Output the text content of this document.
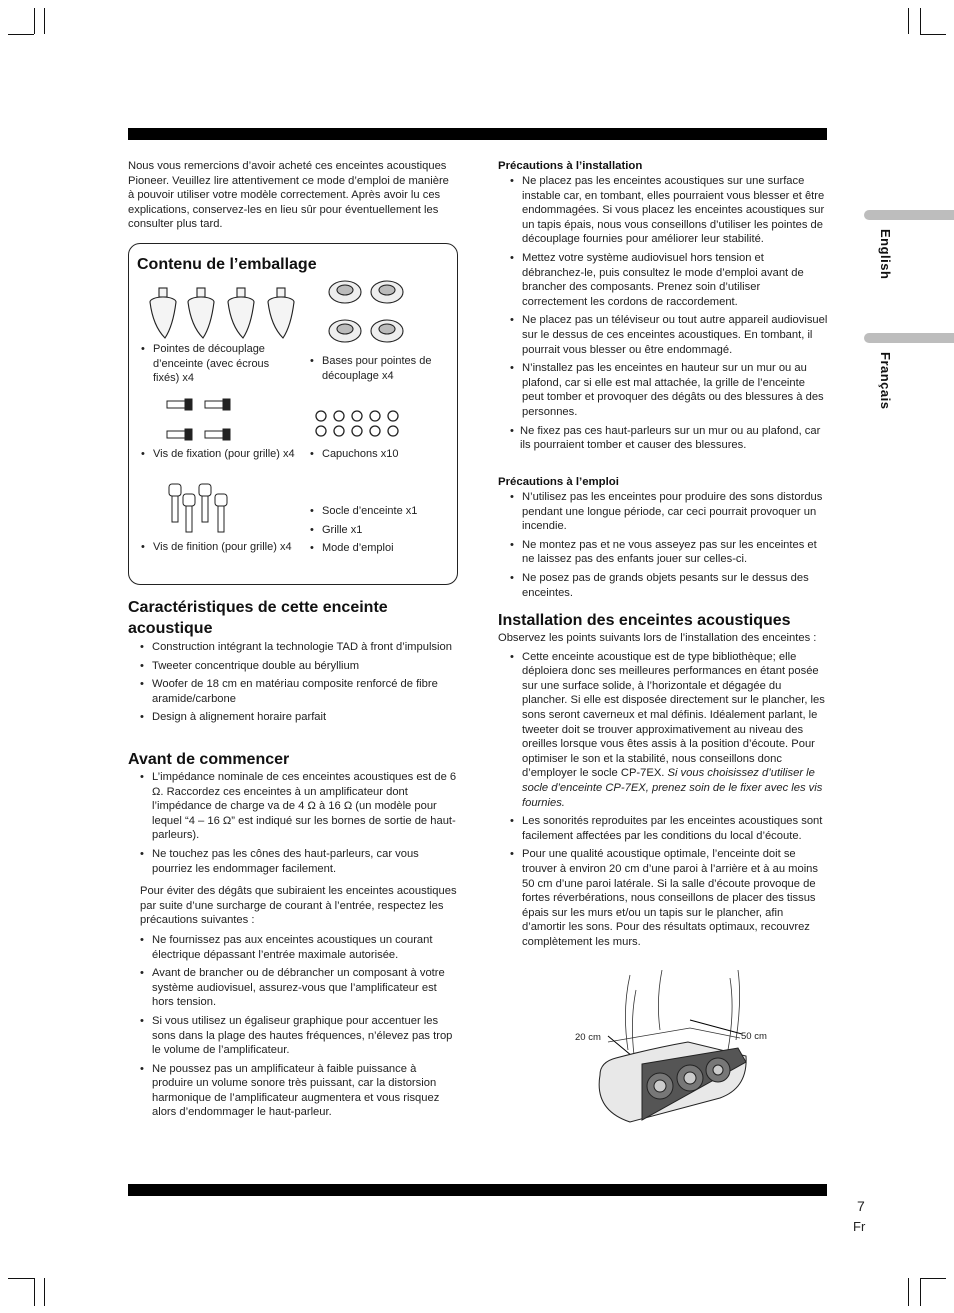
English
Français

Nous vous remercions d’avoir acheté ces enceintes acoustiques Pioneer. Veuillez lire attentivement ce mode d’emploi de manière à pouvoir utiliser votre modèle correctement. Après avoir lu ces explications, conservez-les en lieu sûr pour éventuellement les consulter plus tard.

Contenu de l’emballage
• Pointes de découplage d’enceinte (avec écrous fixés) x4
• Bases pour pointes de découplage x4
• Vis de fixation (pour grille) x4
•	Capuchons x10
• Vis de finition (pour grille) x4
• Socle d’enceinte x1
• Grille x1
• Mode d’emploi
Caractéristiques de cette enceinte acoustique
• Construction intégrant la technologie TAD à front d’impulsion
• Tweeter concentrique double au béryllium
• Woofer de 18 cm en matériau composite renforcé de fibre aramide/carbone
• Design à alignement horaire parfait
Avant de commencer
• L’impédance nominale de ces enceintes acoustiques est de 6 Ω. Raccordez ces enceintes à un amplificateur dont l’impédance de charge va de 4 Ω à 16 Ω (un modèle pour lequel “4 – 16 Ω” est indiqué sur les bornes de sortie de haut-parleurs).
• Ne touchez pas les cônes des haut-parleurs, car vous pourriez les endommager facilement.

Pour éviter des dégâts que subiraient les enceintes acoustiques par suite d’une surcharge de courant à l’entrée, respectez les précautions suivantes :

• Ne fournissez pas aux enceintes acoustiques un courant électrique dépassant l’entrée maximale autorisée.
• Avant de brancher ou de débrancher un composant à votre système audiovisuel, assurez-vous que l’amplificateur est hors tension.
• Si vous utilisez un égaliseur graphique pour accentuer les sons dans la plage des hautes fréquences, n’élevez pas trop le volume de l’amplificateur.
• Ne poussez pas un amplificateur à faible puissance à produire un volume sonore très puissant, car la distorsion harmonique de l’amplificateur augmentera et vous risquez alors d’endommager le haut-parleur.
Précautions à l’installation
• Ne placez pas les enceintes acoustiques sur une surface instable car, en tombant, elles pourraient vous blesser et être endommagées. Si vous placez les enceintes acoustiques sur un tapis épais, nous vous conseillons d’utiliser les pointes de découplage fournies pour améliorer leur stabilité.
• Mettez votre système audiovisuel hors tension et débranchez-le, puis consultez le mode d’emploi avant de brancher des composants. Prenez soin d’utiliser correctement les cordons de raccordement.
• Ne placez pas un téléviseur ou tout autre appareil audiovisuel sur le dessus de ces enceintes acoustiques. En tombant, il pourrait vous blesser ou être endommagé.
• N’installez pas les enceintes en hauteur sur un mur ou au plafond, car si elle est mal attachée, la grille de l’enceinte peut tomber et provoquer des dégâts ou des blessures à des personnes.
• Ne fixez pas ces haut-parleurs sur un mur ou au plafond, car ils pourraient tomber et causer des blessures.
Précautions à l’emploi
• N’utilisez pas les enceintes pour produire des sons distordus pendant une longue période, car ceci pourrait provoquer un incendie.
• Ne montez pas et ne vous asseyez pas sur les enceintes et ne laissez pas des enfants jouer sur celles-ci.
• Ne posez pas de grands objets pesants sur le dessus des enceintes.
Installation des enceintes acoustiques

Observez les points suivants lors de l’installation des enceintes :

• Cette enceinte acoustique est de type bibliothèque; elle déploiera donc ses meilleures performances en étant posée sur une surface solide, à l’horizontale et dégagée du plancher. Si elle est disposée directement sur le plancher, les sons seront caverneux et mal définis. Idéalement parlant, le tweeter doit se trouver approximativement au niveau des oreilles lorsque vous êtes assis à la position d’écoute. Pour optimiser le son et la stabilité, nous conseillons donc d’employer le socle CP-7EX. Si vous choisissez d’utiliser le socle d’enceinte CP-7EX, prenez soin de le fixer avec les vis fournies.
• Les sonorités reproduites par les enceintes acoustiques sont facilement affectées par les conditions du local d’écoute.
• Pour une qualité acoustique optimale, l’enceinte doit se trouver à environ 20 cm d’une paroi à l’arrière et à au moins 50 cm d’une paroi latérale. Si la salle d’écoute provoque de fortes réverbérations, nous conseillons de placer des tissus épais sur les murs et/ou un tapis sur le plancher, afin d’amortir les sons. Pour des résultats optimaux, recouvrez complètement les murs.
20 cm	50 cm
7
Fr
